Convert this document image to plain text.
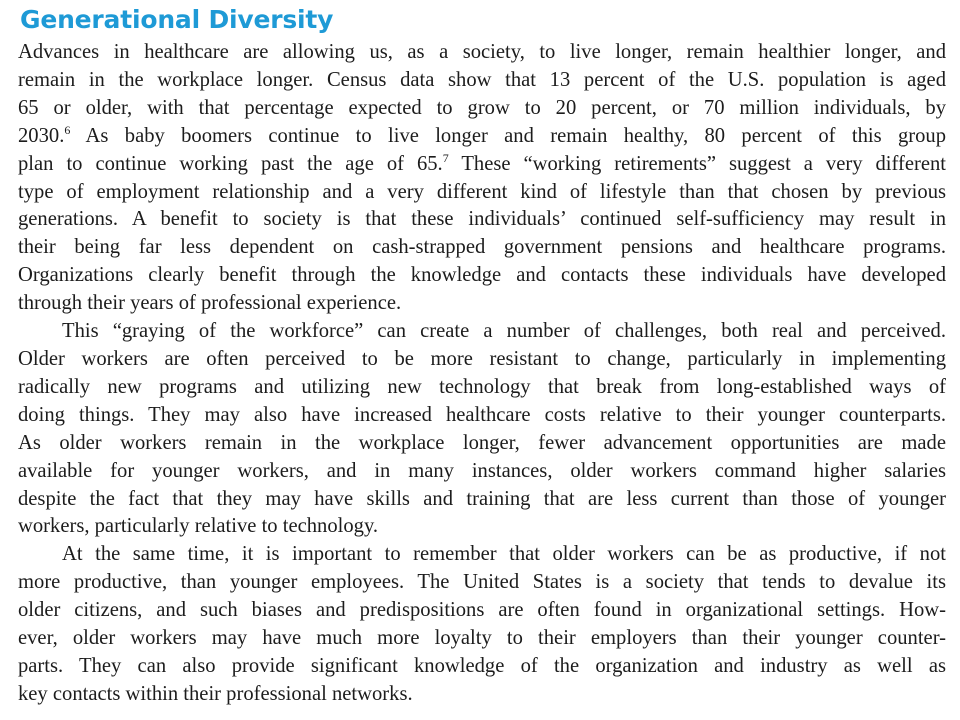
Generational Diversity
Advances in healthcare are allowing us, as a society, to live longer, remain healthier longer, and
remain in the workplace longer. Census data show that 13 percent of the U.S. population is aged
65 or older, with that percentage expected to grow to 20 percent, or 70 million individuals, by
2030.$^6$ As baby boomers continue to live longer and remain healthy, 80 percent of this group
plan to continue working past the age of 65.$^7$ These “working retirements” suggest a very different
type of employment relationship and a very different kind of lifestyle than that chosen by previous
generations. A benefit to society is that these individuals’ continued self-sufficiency may result in
their being far less dependent on cash-strapped government pensions and healthcare programs.
Organizations clearly benefit through the knowledge and contacts these individuals have developed
through their years of professional experience.
This “graying of the workforce” can create a number of challenges, both real and perceived.
Older workers are often perceived to be more resistant to change, particularly in implementing
radically new programs and utilizing new technology that break from long-established ways of
doing things. They may also have increased healthcare costs relative to their younger counterparts.
As older workers remain in the workplace longer, fewer advancement opportunities are made
available for younger workers, and in many instances, older workers command higher salaries
despite the fact that they may have skills and training that are less current than those of younger
workers, particularly relative to technology.
At the same time, it is important to remember that older workers can be as productive, if not
more productive, than younger employees. The United States is a society that tends to devalue its
older citizens, and such biases and predispositions are often found in organizational settings. How-
ever, older workers may have much more loyalty to their employers than their younger counter-
parts. They can also provide significant knowledge of the organization and industry as well as
key contacts within their professional networks.
